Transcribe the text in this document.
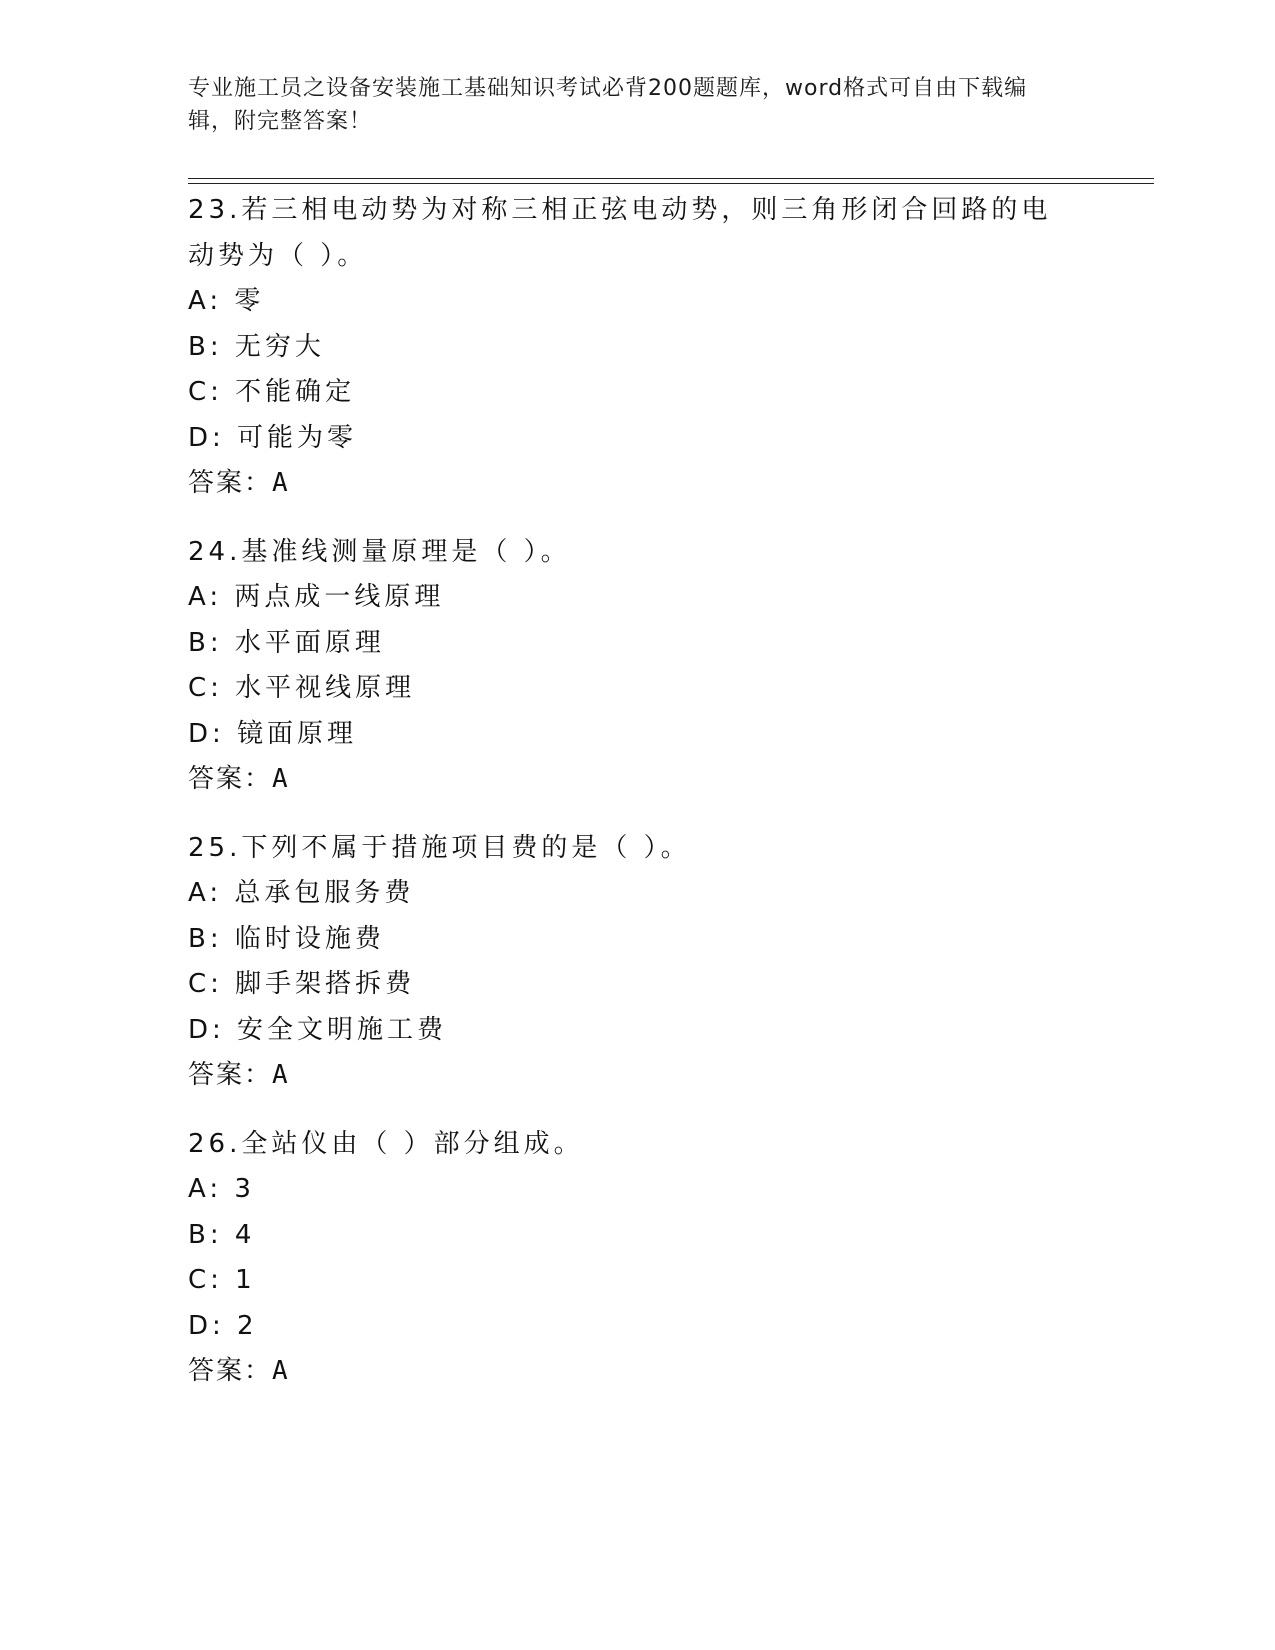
专业施工员之设备安装施工基础知识考试必背200题题库，word格式可自由下载编辑，附完整答案！
23.若三相电动势为对称三相正弦电动势，则三角形闭合回路的电动势为（ ）。
A: 零
B: 无穷大
C: 不能确定
D: 可能为零
答案：A
24.基准线测量原理是（ ）。
A: 两点成一线原理
B: 水平面原理
C: 水平视线原理
D: 镜面原理
答案：A
25.下列不属于措施项目费的是（ ）。
A: 总承包服务费
B: 临时设施费
C: 脚手架搭拆费
D: 安全文明施工费
答案：A
26.全站仪由（ ）部分组成。
A: 3
B: 4
C: 1
D: 2
答案：A
